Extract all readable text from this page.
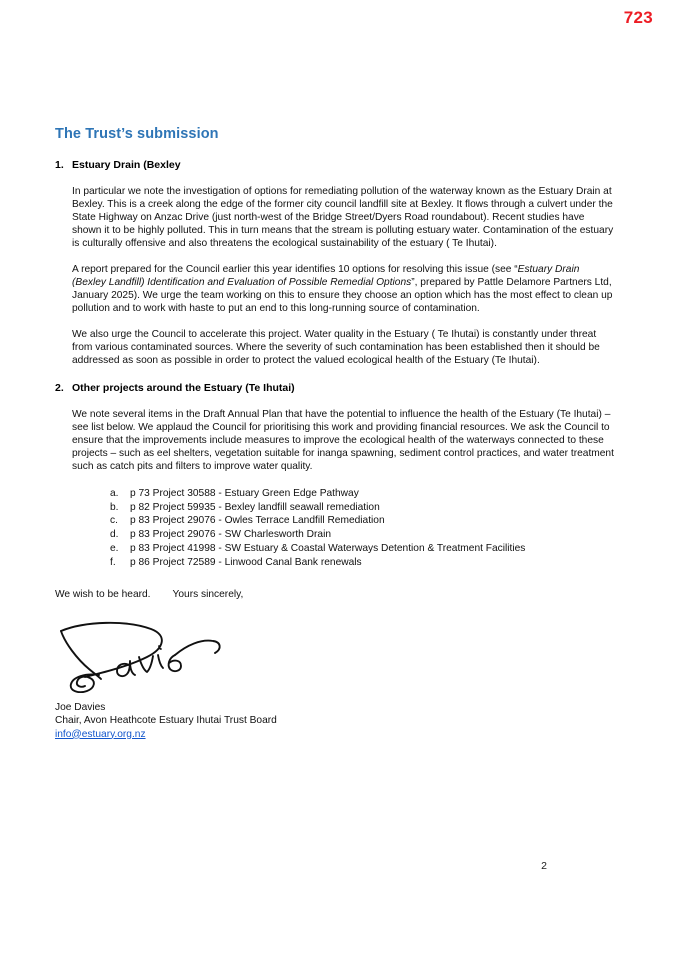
723
The Trust’s submission
1. Estuary Drain (Bexley

In particular we note the investigation of options for remediating pollution of the waterway known as the Estuary Drain at Bexley. This is a creek along the edge of the former city council landfill site at Bexley. It flows through a culvert under the State Highway on Anzac Drive (just north-west of the Bridge Street/Dyers Road roundabout). Recent studies have shown it to be highly polluted. This in turn means that the stream is polluting estuary water. Contamination of the estuary is culturally offensive and also threatens the ecological sustainability of the estuary ( Te Ihutai).

A report prepared for the Council earlier this year identifies 10 options for resolving this issue (see “Estuary Drain (Bexley Landfill) Identification and Evaluation of Possible Remedial Options”, prepared by Pattle Delamore Partners Ltd, January 2025). We urge the team working on this to ensure they choose an option which has the most effect to clean up pollution and to work with haste to put an end to this long-running source of contamination.

We also urge the Council to accelerate this project. Water quality in the Estuary ( Te Ihutai) is constantly under threat from various contaminated sources. Where the severity of such contamination has been established then it should be addressed as soon as possible in order to protect the valued ecological health of the Estuary (Te Ihutai).

2. Other projects around the Estuary (Te Ihutai)

We note several items in the Draft Annual Plan that have the potential to influence the health of the Estuary (Te Ihutai) – see list below. We applaud the Council for prioritising this work and providing financial resources. We ask the Council to ensure that the improvements include measures to improve the ecological health of the waterways connected to these projects – such as eel shelters, vegetation suitable for inanga spawning, sediment control practices, and water treatment such as catch pits and filters to improve water quality.

a.	p 73 Project 30588 - Estuary Green Edge Pathway
b.	p 82 Project 59935 - Bexley landfill seawall remediation
c.	p 83 Project 29076 - Owles Terrace Landfill Remediation
d.	p 83 Project 29076 - SW Charlesworth Drain
e.	p 83 Project 41998 - SW Estuary & Coastal Waterways Detention & Treatment Facilities
f.	p 86 Project 72589 - Linwood Canal Bank renewals
We wish to be heard. Yours sincerely,
Joe Davies
Chair, Avon Heathcote Estuary Ihutai Trust Board
info@estuary.org.nz
2
